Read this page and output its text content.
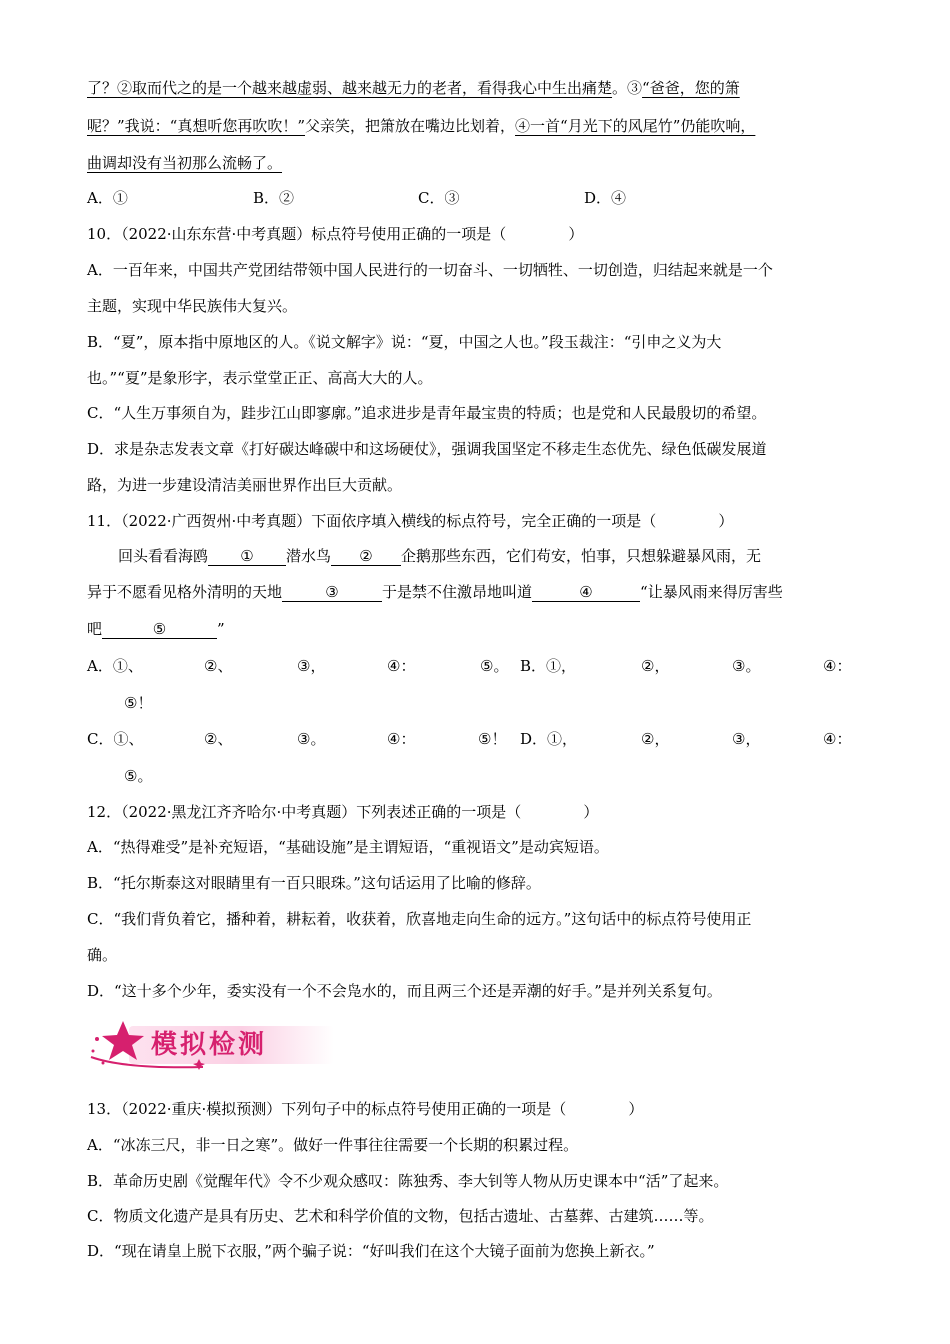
了？②取而代之的是一个越来越虚弱、越来越无力的老者，看得我心中生出痛楚。③“爸爸，您的箫
呢？”我说：“真想听您再吹吹！”父亲笑，把箫放在嘴边比划着，④一首“月光下的风尾竹”仍能吹响，
曲调却没有当初那么流畅了。
A．①	B．②	C．③	D．④
10．（2022·山东东营·中考真题）标点符号使用正确的一项是（	）
A．一百年来，中国共产党团结带领中国人民进行的一切奋斗、一切牺牲、一切创造，归结起来就是一个
主题，实现中华民族伟大复兴。
B．“夏”，原本指中原地区的人。《说文解字》说：“夏，中国之人也。”段玉裁注：“引申之义为大
也。”“夏”是象形字，表示堂堂正正、高高大大的人。
C．“人生万事须自为，跬步江山即寥廓。”追求进步是青年最宝贵的特质；也是党和人民最殷切的希望。
D．求是杂志发表文章《打好碳达峰碳中和这场硬仗》，强调我国坚定不移走生态优先、绿色低碳发展道
路，为进一步建设清洁美丽世界作出巨大贡献。
11．（2022·广西贺州·中考真题）下面依序填入横线的标点符号，完全正确的一项是（	）
回头看看海鸥 ① 潜水鸟 ② 企鹅那些东西，它们苟安，怕事，只想躲避暴风雨，无
异于不愿看见格外清明的天地	③	于是禁不住激昂地叫道	④	“让暴风雨来得厉害些
吧	⑤	”
A．①、	②、	③，	④：	⑤。 B．①，	②，	③。	④：
⑤！
C．①、	②、	③。	④：	⑤！ D．①，	②，	③，	④：
⑤。
12．（2022·黑龙江齐齐哈尔·中考真题）下列表述正确的一项是（	）
A．“热得难受”是补充短语，“基础设施”是主谓短语，“重视语文”是动宾短语。
B．“托尔斯泰这对眼睛里有一百只眼珠。”这句话运用了比喻的修辞。
C．“我们背负着它，播种着，耕耘着，收获着，欣喜地走向生命的远方。”这句话中的标点符号使用正
确。
D．“这十多个少年，委实没有一个不会凫水的，而且两三个还是弄潮的好手。”是并列关系复句。
模拟检测
13．（2022·重庆·模拟预测）下列句子中的标点符号使用正确的一项是（	）
A．“冰冻三尺，非一日之寒”。做好一件事往往需要一个长期的积累过程。
B．革命历史剧《觉醒年代》令不少观众感叹：陈独秀、李大钊等人物从历史课本中“活”了起来。
C．物质文化遗产是具有历史、艺术和科学价值的文物，包括古遗址、古墓葬、古建筑……等。
D．“现在请皇上脱下衣服，”两个骗子说：“好叫我们在这个大镜子面前为您换上新衣。”
